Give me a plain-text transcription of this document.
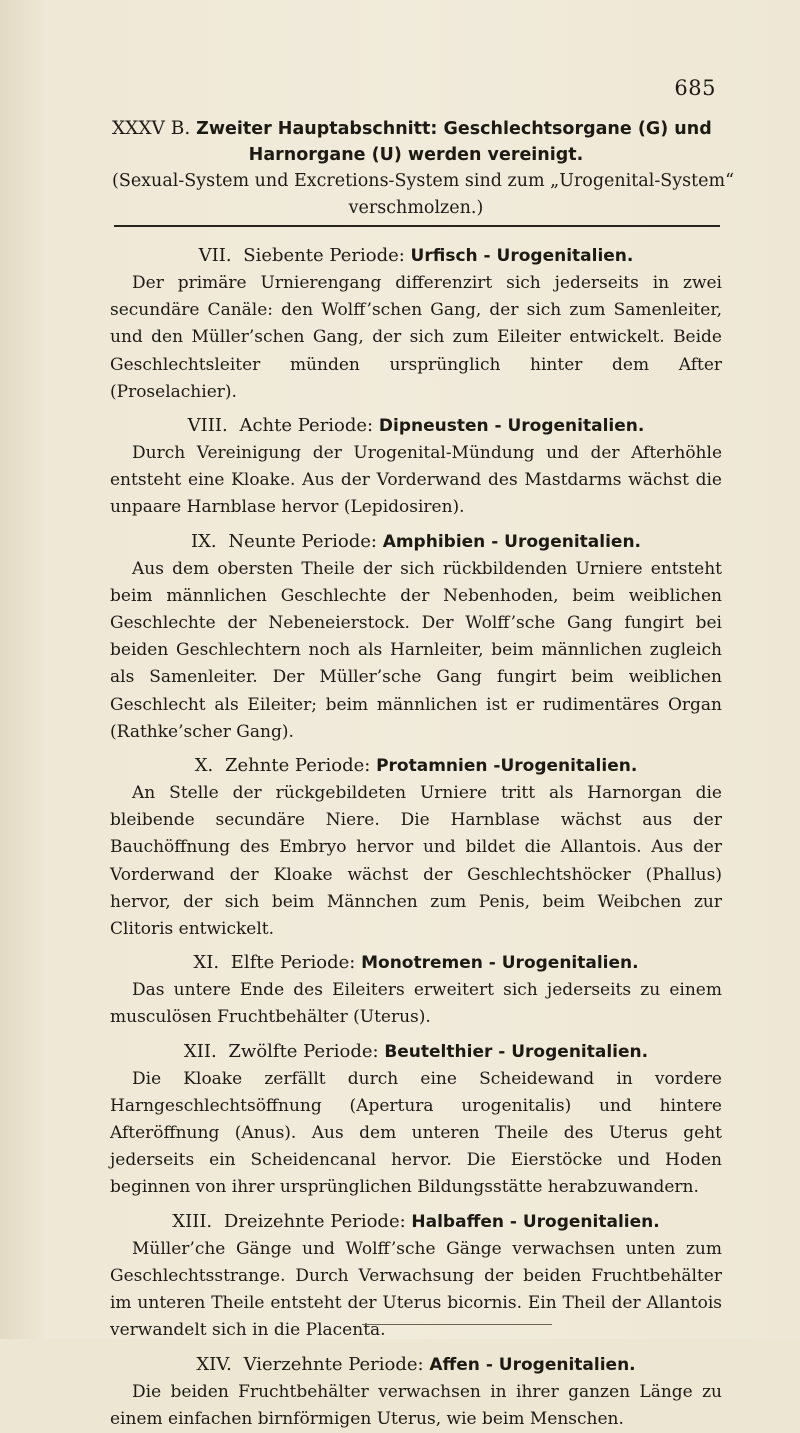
685
XXXV B. Zweiter Hauptabschnitt: Geschlechtsorgane (G) und
Harnorgane (U) werden vereinigt.
(Sexual-System und Excretions-System sind zum „Urogenital-System“
verschmolzen.)
VII. Siebente Periode: Urfisch - Urogenitalien.

Der primäre Urnierengang differenzirt sich jederseits in zwei secundäre Canäle: den Wolff’schen Gang, der sich zum Samenleiter, und den Müller’schen Gang, der sich zum Eileiter entwickelt. Beide Geschlechtsleiter münden ursprünglich hinter dem After (Proselachier).

VIII. Achte Periode: Dipneusten - Urogenitalien.

Durch Vereinigung der Urogenital-Mündung und der Afterhöhle entsteht eine Kloake. Aus der Vorderwand des Mastdarms wächst die unpaare Harnblase hervor (Lepidosiren).

IX. Neunte Periode: Amphibien - Urogenitalien.

Aus dem obersten Theile der sich rückbildenden Urniere entsteht beim männlichen Geschlechte der Nebenhoden, beim weiblichen Geschlechte der Nebeneierstock. Der Wolff’sche Gang fungirt bei beiden Geschlechtern noch als Harnleiter, beim männlichen zugleich als Samenleiter. Der Müller’sche Gang fungirt beim weiblichen Geschlecht als Eileiter; beim männlichen ist er rudimentäres Organ (Rathke’scher Gang).

X. Zehnte Periode: Protamnien -Urogenitalien.

An Stelle der rückgebildeten Urniere tritt als Harnorgan die bleibende secundäre Niere. Die Harnblase wächst aus der Bauchöffnung des Embryo hervor und bildet die Allantois. Aus der Vorderwand der Kloake wächst der Geschlechtshöcker (Phallus) hervor, der sich beim Männchen zum Penis, beim Weibchen zur Clitoris entwickelt.

XI. Elfte Periode: Monotremen - Urogenitalien.

Das untere Ende des Eileiters erweitert sich jederseits zu einem musculösen Fruchtbehälter (Uterus).

XII. Zwölfte Periode: Beutelthier - Urogenitalien.

Die Kloake zerfällt durch eine Scheidewand in vordere Harngeschlechtsöffnung (Apertura urogenitalis) und hintere Afteröffnung (Anus). Aus dem unteren Theile des Uterus geht jederseits ein Scheidencanal hervor. Die Eierstöcke und Hoden beginnen von ihrer ursprünglichen Bildungsstätte herabzuwandern.

XIII. Dreizehnte Periode: Halbaffen - Urogenitalien.

Müller’che Gänge und Wolff’sche Gänge verwachsen unten zum Geschlechtsstrange. Durch Verwachsung der beiden Fruchtbehälter im unteren Theile entsteht der Uterus bicornis. Ein Theil der Allantois verwandelt sich in die Placenta.

XIV. Vierzehnte Periode: Affen - Urogenitalien.

Die beiden Fruchtbehälter verwachsen in ihrer ganzen Länge zu einem einfachen birnförmigen Uterus, wie beim Menschen.
